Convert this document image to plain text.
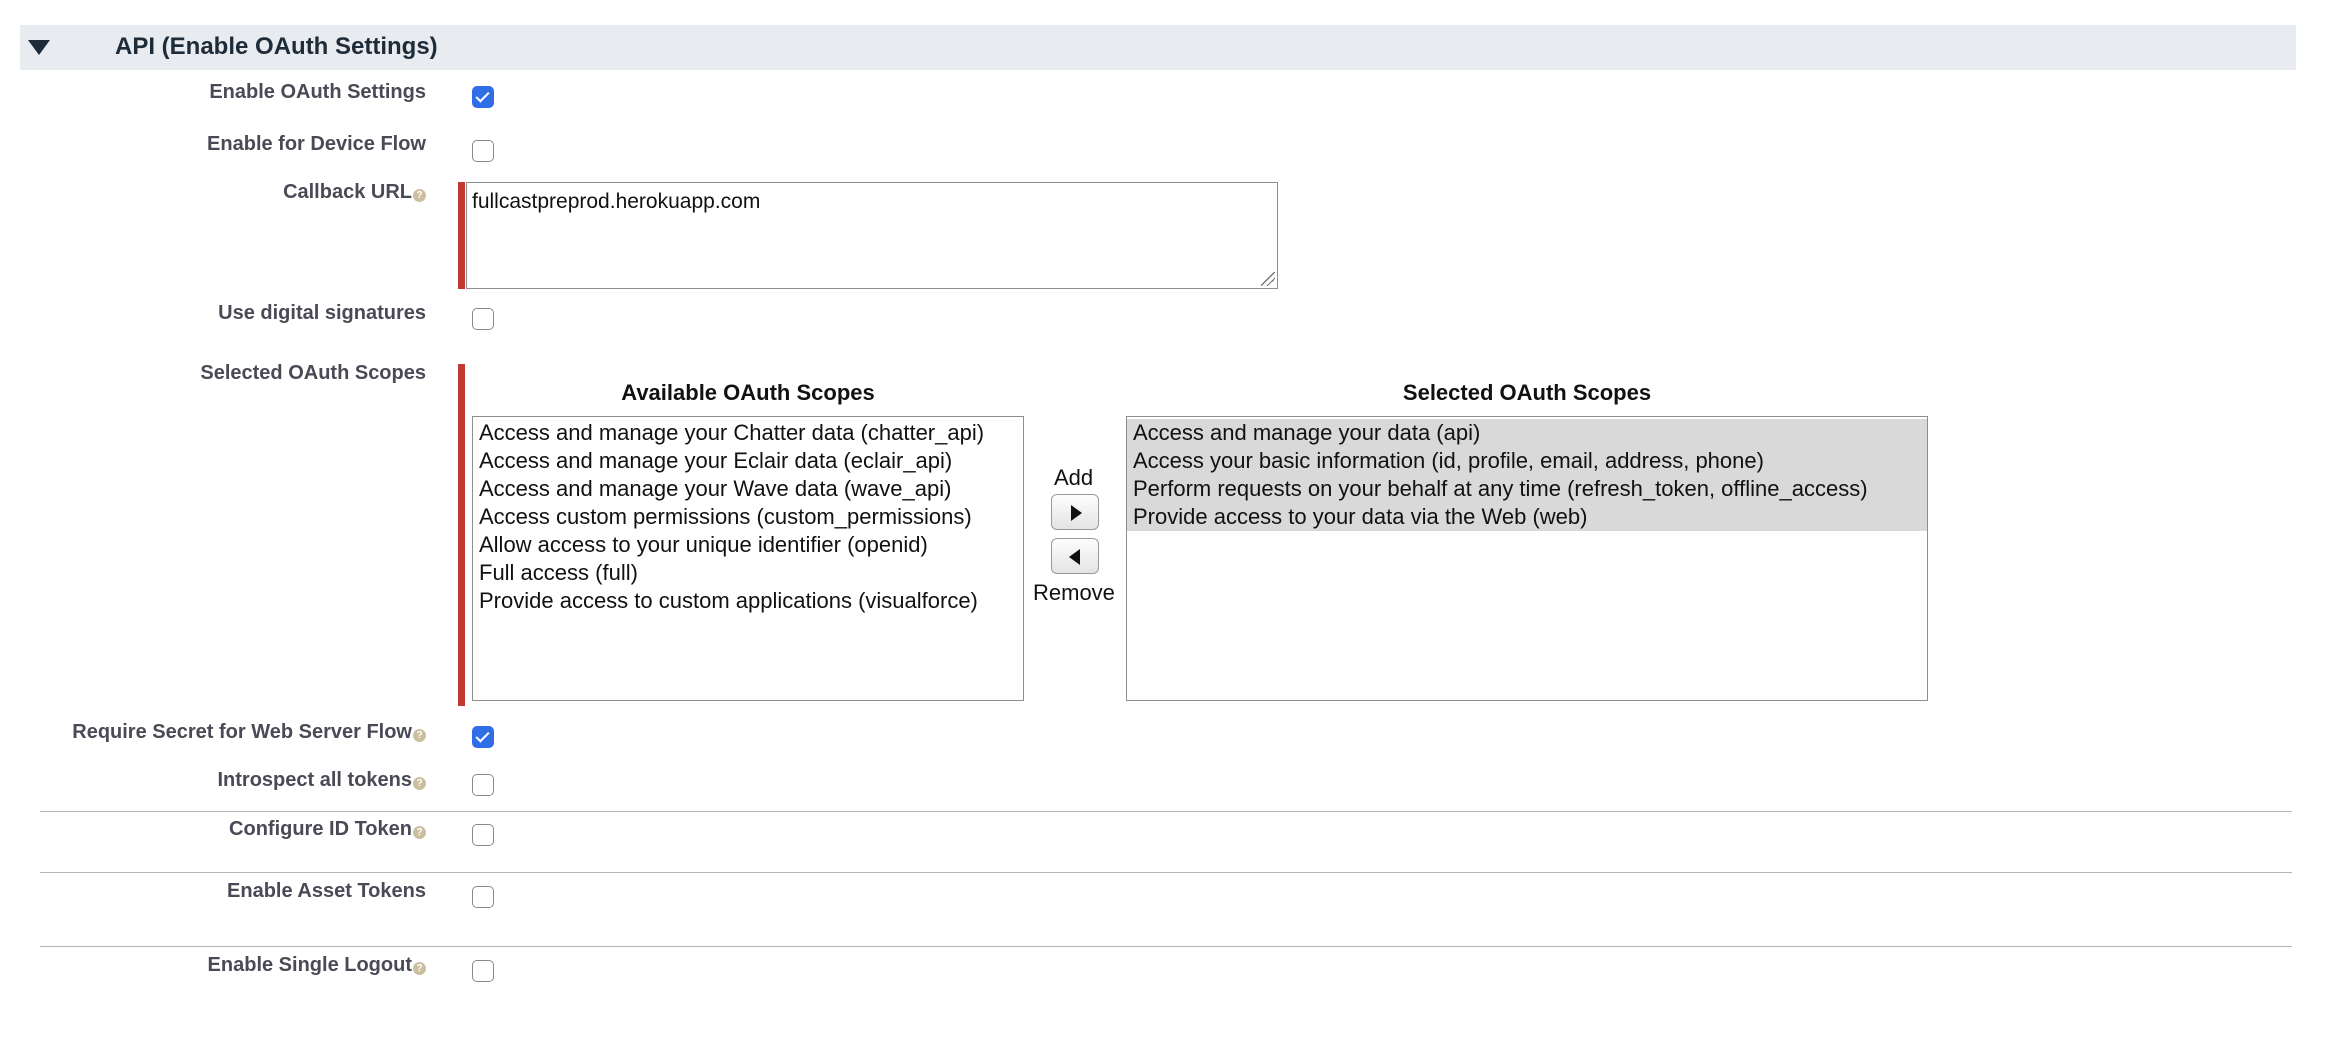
API (Enable OAuth Settings)
Enable OAuth Settings
Enable for Device Flow
Callback URL ? fullcastpreprod.herokuapp.com
Use digital signatures
Selected OAuth Scopes
Available OAuth Scopes	Selected OAuth Scopes
Access and manage your Chatter data (chatter_api)
Access and manage your Eclair data (eclair_api)
Access and manage your Wave data (wave_api)
Access custom permissions (custom_permissions)
Allow access to your unique identifier (openid)
Full access (full)
Provide access to custom applications (visualforce)
Add
Remove
Access and manage your data (api)
Access your basic information (id, profile, email, address, phone)
Perform requests on your behalf at any time (refresh_token, offline_access)
Provide access to your data via the Web (web)
Require Secret for Web Server Flow ?
Introspect all tokens ?
Configure ID Token ?
Enable Asset Tokens
Enable Single Logout ?
